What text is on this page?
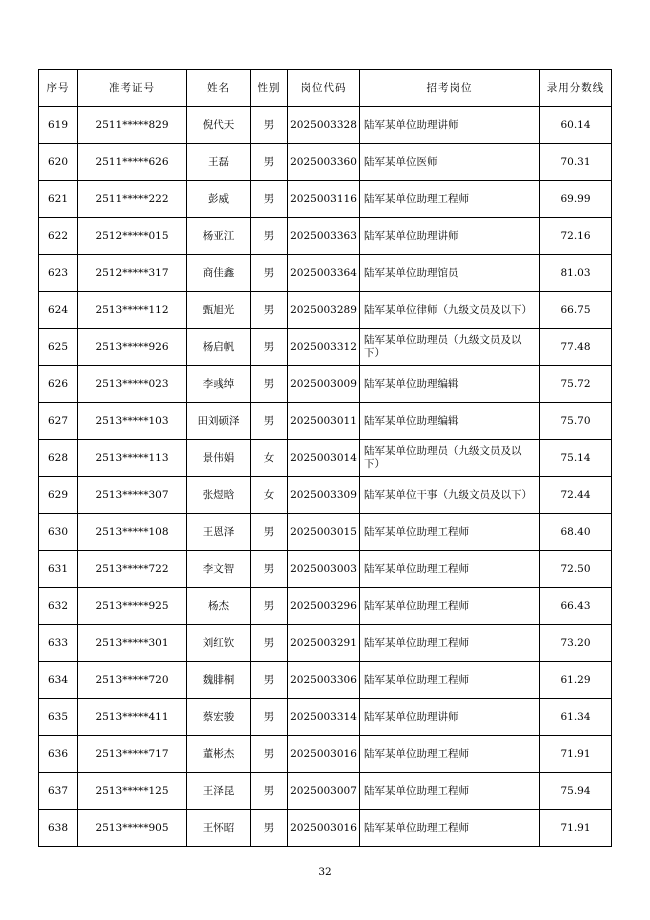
序号	准考证号	姓名	性别	岗位代码	招考岗位	录用分数线
619	2511*****829	倪代天	男	2025003328	陆军某单位助理讲师	60.14
620	2511*****626	王磊	男	2025003360	陆军某单位医师	70.31
621	2511*****222	彭威	男	2025003116	陆军某单位助理工程师	69.99
622	2512*****015	杨亚江	男	2025003363	陆军某单位助理讲师	72.16
623	2512*****317	商佳鑫	男	2025003364	陆军某单位助理馆员	81.03
624	2513*****112	甄旭光	男	2025003289	陆军某单位律师（九级文员及以下）	66.75
625	2513*****926	杨启帆	男	2025003312	陆军某单位助理员（九级文员及以下）	77.48
626	2513*****023	李彧绰	男	2025003009	陆军某单位助理编辑	75.72
627	2513*****103	田刘硕泽	男	2025003011	陆军某单位助理编辑	75.70
628	2513*****113	景伟娟	女	2025003014	陆军某单位助理员（九级文员及以下）	75.14
629	2513*****307	张煜晗	女	2025003309	陆军某单位干事（九级文员及以下）	72.44
630	2513*****108	王恩泽	男	2025003015	陆军某单位助理工程师	68.40
631	2513*****722	李文智	男	2025003003	陆军某单位助理工程师	72.50
632	2513*****925	杨杰	男	2025003296	陆军某单位助理工程师	66.43
633	2513*****301	刘红钦	男	2025003291	陆军某单位助理工程师	73.20
634	2513*****720	魏腓桐	男	2025003306	陆军某单位助理工程师	61.29
635	2513*****411	蔡宏骏	男	2025003314	陆军某单位助理讲师	61.34
636	2513*****717	董彬杰	男	2025003016	陆军某单位助理工程师	71.91
637	2513*****125	王泽昆	男	2025003007	陆军某单位助理工程师	75.94
638	2513*****905	王怀昭	男	2025003016	陆军某单位助理工程师	71.91
32
